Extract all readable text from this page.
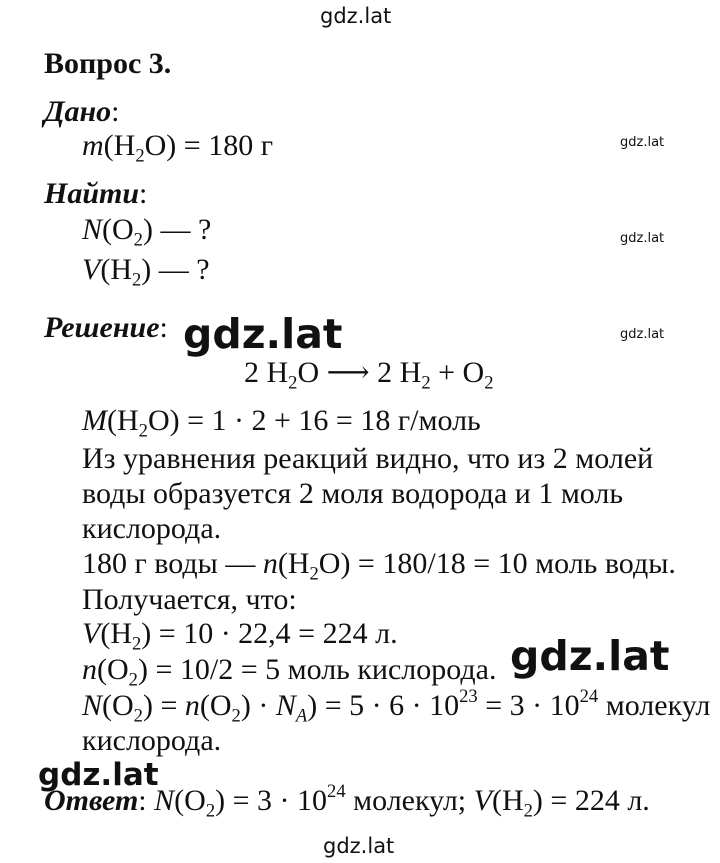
gdz.lat
gdz.lat
gdz.lat
gdz.lat
Вопрос 3.
Дано:
$m(H_2O) = 180$ г
Найти:
$N(O_2)$ — ?
$V(H_2)$ — ?
Решение: gdz.lat
2 $H_2O$ ⟶ 2 $H_2 + O_2$
$M(H_2O) = 1 \cdot 2 + 16 = 18$ г/моль
Из уравнения реакций видно, что из 2 молей
воды образуется 2 моля водорода и 1 моль
кислорода.
180 г воды — $n(H_2O) = 180/18 = 10$ моль воды.
Получается, что:
$V(H_2) = 10 \cdot 22,4 = 224$ л.
$n(O_2) = 10/2 = 5$ моль кислорода. gdz.lat
$N(O_2) = n(O_2) \cdot N_A) = 5 \cdot 6 \cdot 10^{23} = 3 \cdot 10^{24}$ молекул
кислорода.
gdz.lat
Ответ: $N(O_2) = 3 \cdot 10^{24}$ молекул; $V(H_2) = 224$ л.
gdz.lat
